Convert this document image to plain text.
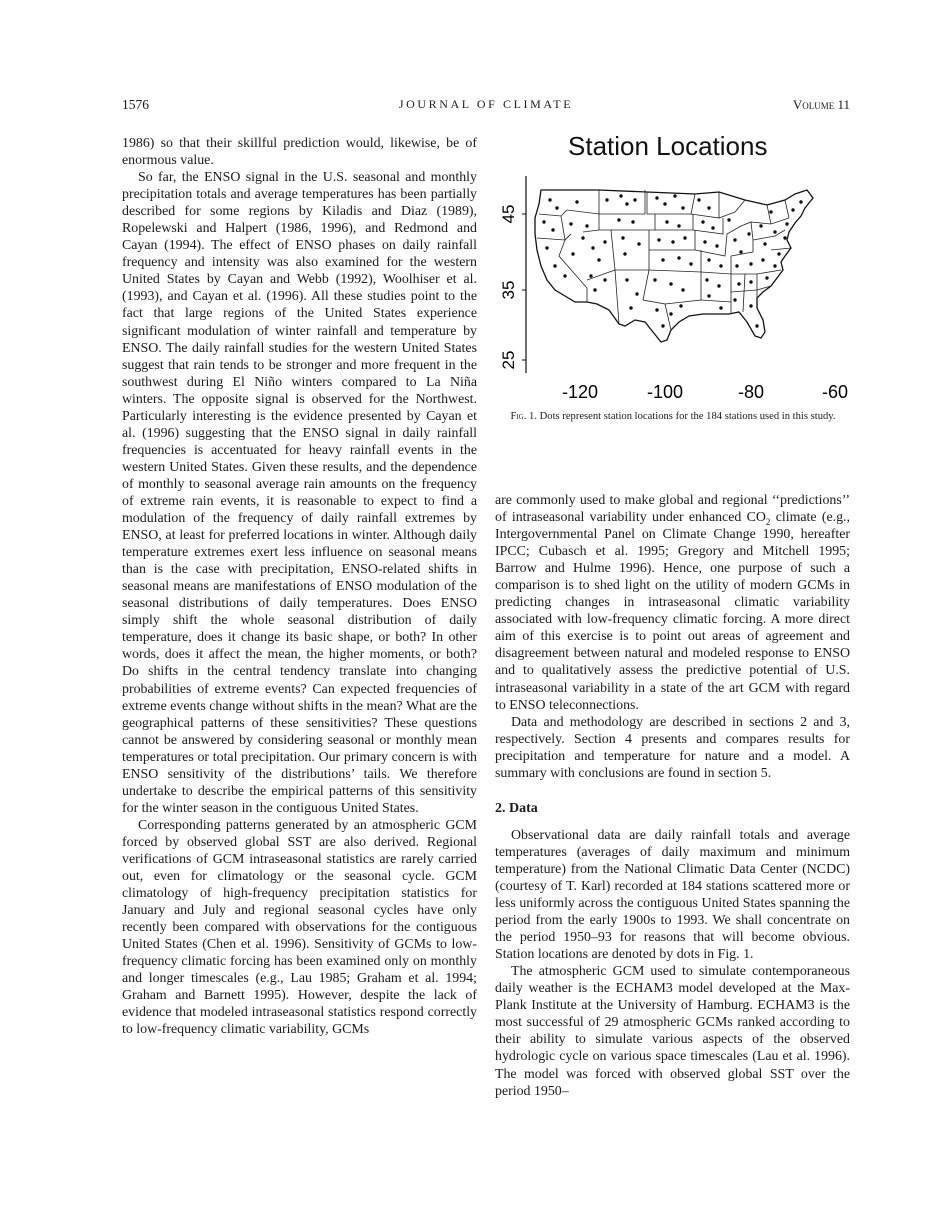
1576	JOURNAL OF CLIMATE	Volume 11

1986) so that their skillful prediction would, likewise, be of enormous value.

So far, the ENSO signal in the U.S. seasonal and monthly precipitation totals and average temperatures has been partially described for some regions by Kiladis and Diaz (1989), Ropelewski and Halpert (1986, 1996), and Redmond and Cayan (1994). The effect of ENSO phases on daily rainfall frequency and intensity was also examined for the western United States by Cayan and Webb (1992), Woolhiser et al. (1993), and Cayan et al. (1996). All these studies point to the fact that large regions of the United States experience significant modulation of winter rainfall and temperature by ENSO. The daily rainfall studies for the western United States suggest that rain tends to be stronger and more frequent in the southwest during El Niño winters compared to La Niña winters. The opposite signal is observed for the Northwest. Particularly interesting is the evidence presented by Cayan et al. (1996) suggesting that the ENSO signal in daily rainfall frequencies is accentuated for heavy rainfall events in the western United States. Given these results, and the dependence of monthly to seasonal average rain amounts on the frequency of extreme rain events, it is reasonable to expect to find a modulation of the frequency of daily rainfall extremes by ENSO, at least for preferred locations in winter. Although daily temperature extremes exert less influence on seasonal means than is the case with precipitation, ENSO-related shifts in seasonal means are manifestations of ENSO modulation of the seasonal distributions of daily temperatures. Does ENSO simply shift the whole seasonal distribution of daily temperature, does it change its basic shape, or both? In other words, does it affect the mean, the higher moments, or both? Do shifts in the central tendency translate into changing probabilities of extreme events? Can expected frequencies of extreme events change without shifts in the mean? What are the geographical patterns of these sensitivities? These questions cannot be answered by considering seasonal or monthly mean temperatures or total precipitation. Our primary concern is with ENSO sensitivity of the distributions’ tails. We therefore undertake to describe the empirical patterns of this sensitivity for the winter season in the contiguous United States.

Corresponding patterns generated by an atmospheric GCM forced by observed global SST are also derived. Regional verifications of GCM intraseasonal statistics are rarely carried out, even for climatology or the seasonal cycle. GCM climatology of high-frequency precipitation statistics for January and July and regional seasonal cycles have only recently been compared with observations for the contiguous United States (Chen et al. 1996). Sensitivity of GCMs to low-frequency climatic forcing has been examined only on monthly and longer timescales (e.g., Lau 1985; Graham et al. 1994; Graham and Barnett 1995). However, despite the lack of evidence that modeled intraseasonal statistics respond correctly to low-frequency climatic variability, GCMs

Station Locations
45
35
25
-120	-100	-80	-60
Fig. 1. Dots represent station locations for the 184 stations used in this study.

are commonly used to make global and regional ‘‘predictions’’ of intraseasonal variability under enhanced $CO_2$ climate (e.g., Intergovernmental Panel on Climate Change 1990, hereafter IPCC; Cubasch et al. 1995; Gregory and Mitchell 1995; Barrow and Hulme 1996). Hence, one purpose of such a comparison is to shed light on the utility of modern GCMs in predicting changes in intraseasonal climatic variability associated with low-frequency climatic forcing. A more direct aim of this exercise is to point out areas of agreement and disagreement between natural and modeled response to ENSO and to qualitatively assess the predictive potential of U.S. intraseasonal variability in a state of the art GCM with regard to ENSO teleconnections.

Data and methodology are described in sections 2 and 3, respectively. Section 4 presents and compares results for precipitation and temperature for nature and a model. A summary with conclusions are found in section 5.

2. Data

Observational data are daily rainfall totals and average temperatures (averages of daily maximum and minimum temperature) from the National Climatic Data Center (NCDC) (courtesy of T. Karl) recorded at 184 stations scattered more or less uniformly across the contiguous United States spanning the period from the early 1900s to 1993. We shall concentrate on the period 1950–93 for reasons that will become obvious. Station locations are denoted by dots in Fig. 1.

The atmospheric GCM used to simulate contemporaneous daily weather is the ECHAM3 model developed at the Max-Plank Institute at the University of Hamburg. ECHAM3 is the most successful of 29 atmospheric GCMs ranked according to their ability to simulate various aspects of the observed hydrologic cycle on various space timescales (Lau et al. 1996). The model was forced with observed global SST over the period 1950–
